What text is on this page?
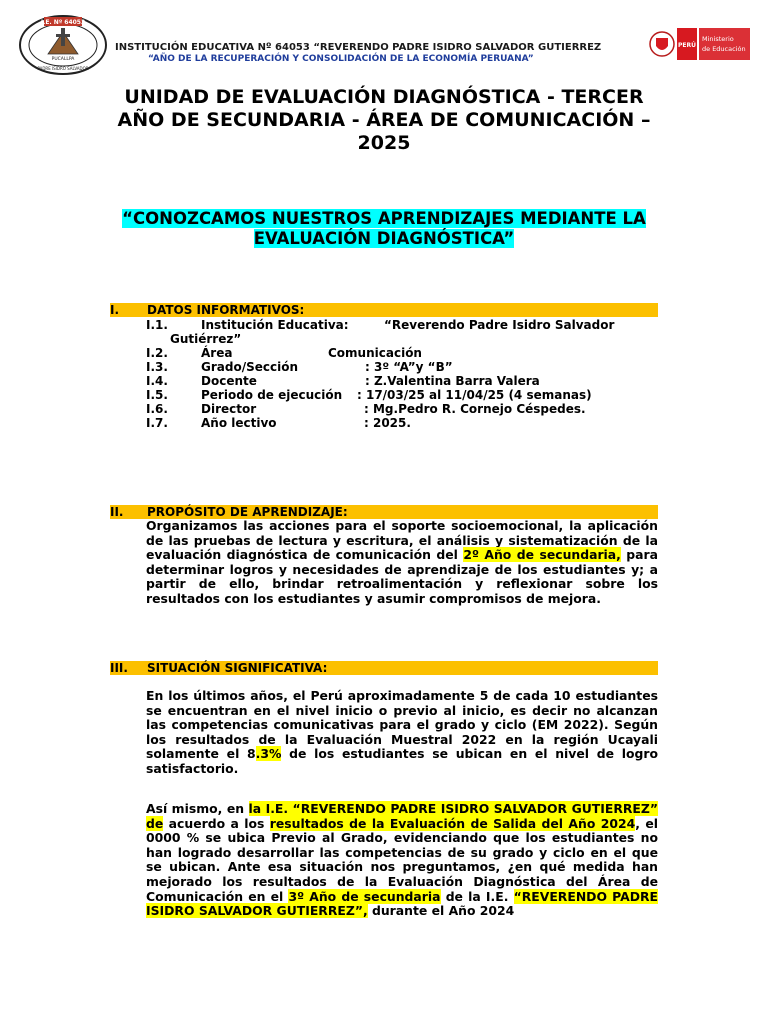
I.E. Nº 64053
PUCALLPA
PADRE ISIDRO SALVADOR
INSTITUCIÓN EDUCATIVA Nº 64053 “REVERENDO PADRE ISIDRO SALVADOR GUTIERREZ
“AÑO DE LA RECUPERACIÓN Y CONSOLIDACIÓN DE LA ECONOMÍA PERUANA”
PERÚ
Ministerio
de Educación
UNIDAD DE EVALUACIÓN DIAGNÓSTICA - TERCER AÑO DE SECUNDARIA - ÁREA DE COMUNICACIÓN – 2025
“CONOZCAMOS NUESTROS APRENDIZAJES MEDIANTE LA EVALUACIÓN DIAGNÓSTICA”
I. DATOS INFORMATIVOS:
I.1.	Institución Educativa:	“Reverendo Padre Isidro Salvador
Gutiérrez”
I.2.	Área	Comunicación
I.3.	Grado/Sección	: 3º “A”y “B”
I.4.	Docente	: Z.Valentina Barra Valera
I.5.	Periodo de ejecución : 17/03/25 al 11/04/25 (4 semanas)
I.6.	Director	: Mg.Pedro R. Cornejo Céspedes.
I.7.	Año lectivo	: 2025.
II. PROPÓSITO DE APRENDIZAJE:
Organizamos las acciones para el soporte socioemocional, la aplicación de las pruebas de lectura y escritura, el análisis y sistematización de la evaluación diagnóstica de comunicación del 2º Año de secundaria, para determinar logros y necesidades de aprendizaje de los estudiantes y; a partir de ello, brindar retroalimentación y reflexionar sobre los resultados con los estudiantes y asumir compromisos de mejora.
III. SITUACIÓN SIGNIFICATIVA:
En los últimos años, el Perú aproximadamente 5 de cada 10 estudiantes se encuentran en el nivel inicio o previo al inicio, es decir no alcanzan las competencias comunicativas para el grado y ciclo (EM 2022). Según los resultados de la Evaluación Muestral 2022 en la región Ucayali solamente el 8.3% de los estudiantes se ubican en el nivel de logro satisfactorio.
Así mismo, en la I.E. “REVERENDO PADRE ISIDRO SALVADOR GUTIERREZ” de acuerdo a los resultados de la Evaluación de Salida del Año 2024, el 0000 % se ubica Previo al Grado, evidenciando que los estudiantes no han logrado desarrollar las competencias de su grado y ciclo en el que se ubican. Ante esa situación nos preguntamos, ¿en qué medida han mejorado los resultados de la Evaluación Diagnóstica del Área de Comunicación en el 3º Año de secundaria de la I.E. “REVERENDO PADRE ISIDRO SALVADOR GUTIERREZ”, durante el Año 2024
